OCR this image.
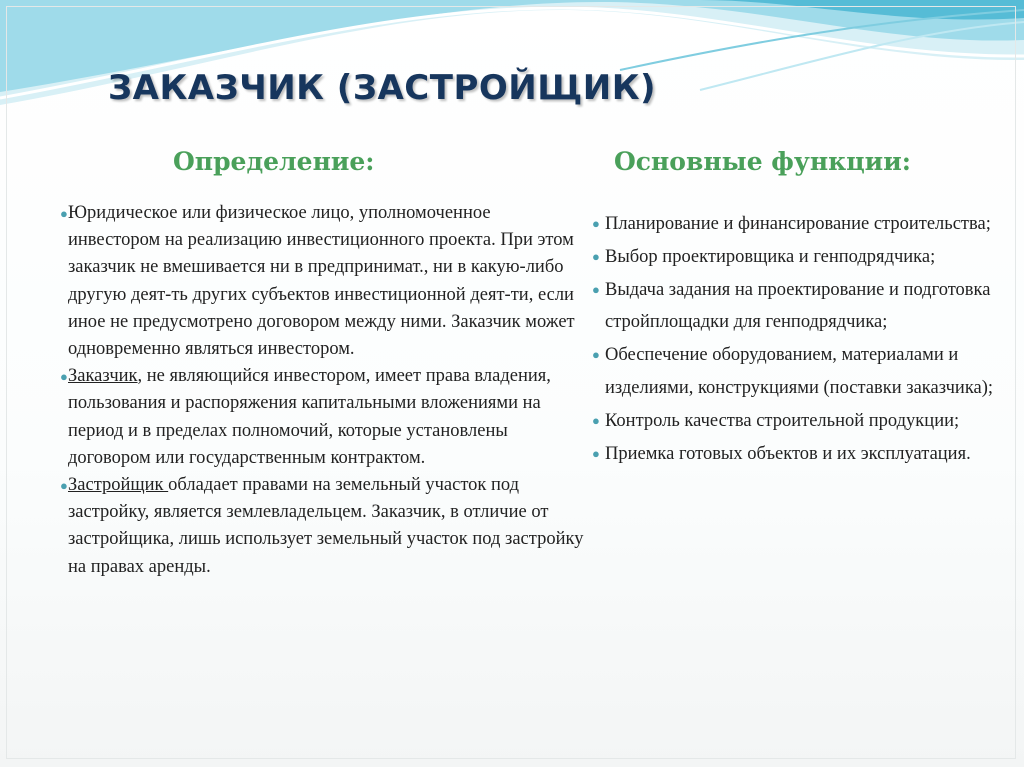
ЗАКАЗЧИК (ЗАСТРОЙЩИК)
Определение:	Основные функции:

● Юридическое или физическое лицо, уполномоченное инвестором на реализацию инвестиционного проекта. При этом заказчик не вмешивается ни в предпринимат., ни в какую-либо другую деят-ть других субъектов инвестиционной деят-ти, если иное не предусмотрено договором между ними. Заказчик может одновременно являться инвестором.

● Заказчик, не являющийся инвестором, имеет права владения, пользования и распоряжения капитальными вложениями на период и в пределах полномочий, которые установлены договором или государственным контрактом.

● Застройщик обладает правами на земельный участок под застройку, является землевладельцем. Заказчик, в отличие от застройщика, лишь использует земельный участок под застройку на правах аренды.

● Планирование и финансирование строительства;

● Выбор проектировщика и генподрядчика;

● Выдача задания на проектирование и подготовка стройплощадки для генподрядчика;

● Обеспечение оборудованием, материалами и изделиями, конструкциями (поставки заказчика);

● Контроль качества строительной продукции;

● Приемка готовых объектов и их эксплуатация.
